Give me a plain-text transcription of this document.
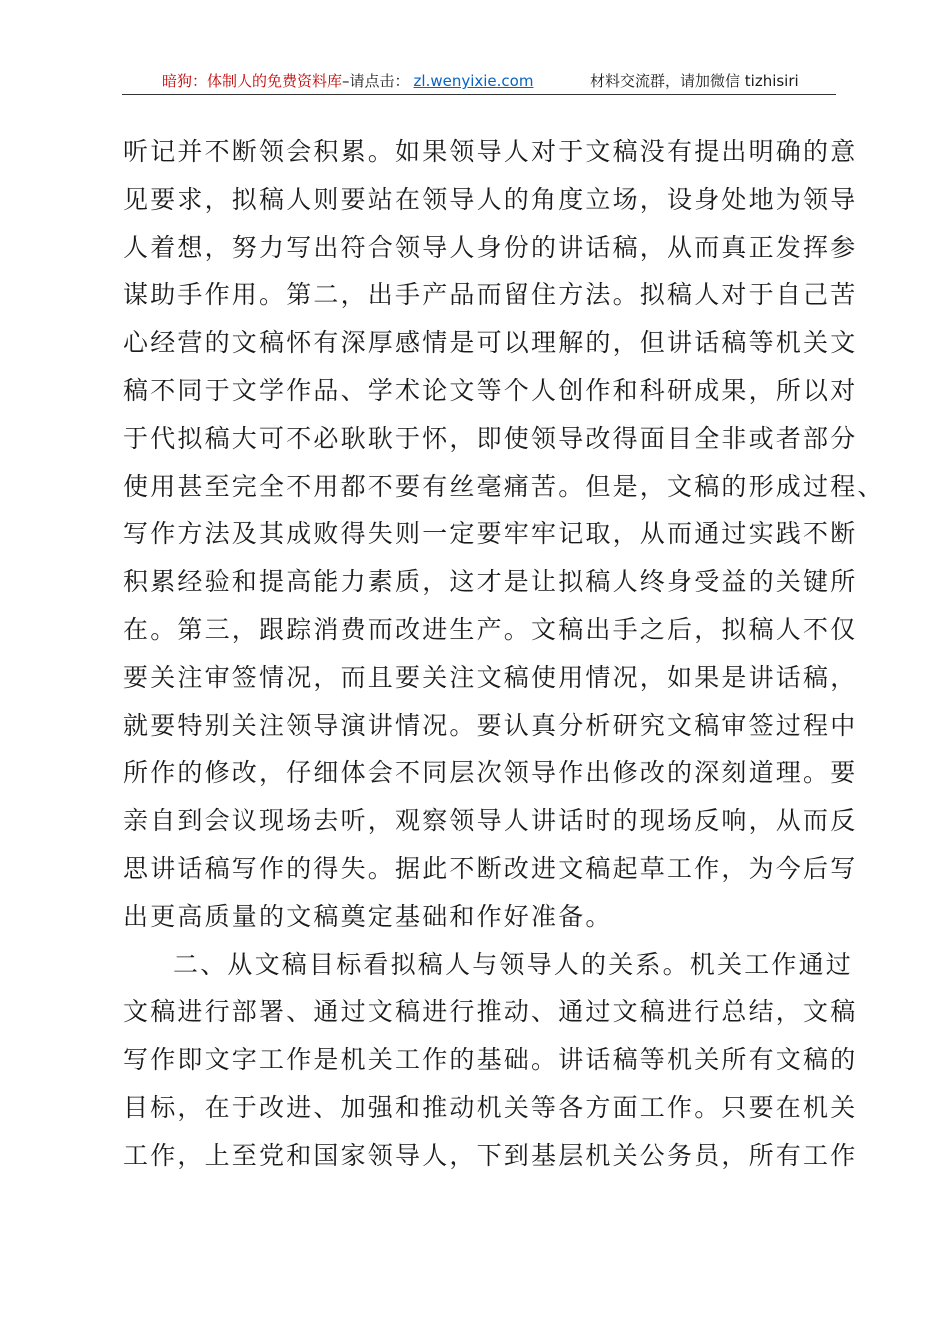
暗狗：体制人的免费资料库–请点击： zl.wenyixie.com	材料交流群，请加微信 tizhisiri
听记并不断领会积累。如果领导人对于文稿没有提出明确的意
见要求，拟稿人则要站在领导人的角度立场，设身处地为领导
人着想，努力写出符合领导人身份的讲话稿，从而真正发挥参
谋助手作用。第二，出手产品而留住方法。拟稿人对于自己苦
心经营的文稿怀有深厚感情是可以理解的，但讲话稿等机关文
稿不同于文学作品、学术论文等个人创作和科研成果，所以对
于代拟稿大可不必耿耿于怀，即使领导改得面目全非或者部分
使用甚至完全不用都不要有丝毫痛苦。但是，文稿的形成过程、
写作方法及其成败得失则一定要牢牢记取，从而通过实践不断
积累经验和提高能力素质，这才是让拟稿人终身受益的关键所
在。第三，跟踪消费而改进生产。文稿出手之后，拟稿人不仅
要关注审签情况，而且要关注文稿使用情况，如果是讲话稿，
就要特别关注领导演讲情况。要认真分析研究文稿审签过程中
所作的修改，仔细体会不同层次领导作出修改的深刻道理。要
亲自到会议现场去听，观察领导人讲话时的现场反响，从而反
思讲话稿写作的得失。据此不断改进文稿起草工作，为今后写
出更高质量的文稿奠定基础和作好准备。
二、从文稿目标看拟稿人与领导人的关系。机关工作通过
文稿进行部署、通过文稿进行推动、通过文稿进行总结，文稿
写作即文字工作是机关工作的基础。讲话稿等机关所有文稿的
目标，在于改进、加强和推动机关等各方面工作。只要在机关
工作，上至党和国家领导人，下到基层机关公务员，所有工作
